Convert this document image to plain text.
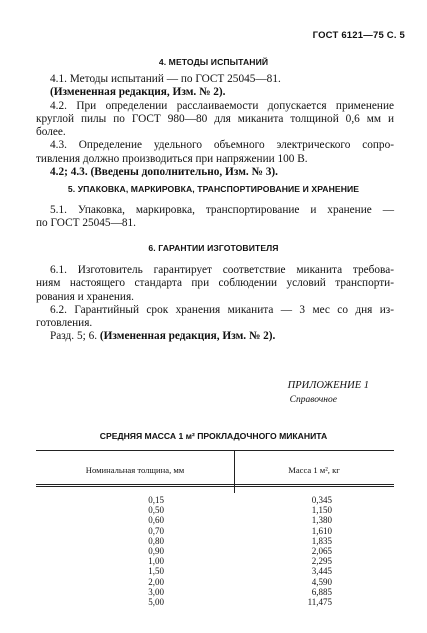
ГОСТ 6121—75 С. 5
4. МЕТОДЫ ИСПЫТАНИЙ

4.1. Методы испытаний — по ГОСТ 25045—81.

(Измененная редакция, Изм. № 2).

4.2. При определении расслаиваемости допускается применение

круглой пилы по ГОСТ 980—80 для миканита толщиной 0,6 мм и

более.

4.3. Определение удельного объемного электрического сопро-

тивления должно производиться при напряжении 100 В.

4.2; 4.3. (Введены дополнительно, Изм. № 3).

5. УПАКОВКА, МАРКИРОВКА, ТРАНСПОРТИРОВАНИЕ И ХРАНЕНИЕ

5.1. Упаковка, маркировка, транспортирование и хранение —

по ГОСТ 25045—81.

6. ГАРАНТИИ ИЗГОТОВИТЕЛЯ

6.1. Изготовитель гарантирует соответствие миканита требова-

ниям настоящего стандарта при соблюдении условий транспорти-

рования и хранения.

6.2. Гарантийный срок хранения миканита — 3 мес со дня из-

готовления.

Разд. 5; 6. (Измененная редакция, Изм. № 2).

ПРИЛОЖЕНИЕ 1
Справочное
СРЕДНЯЯ МАССА 1 м² ПРОКЛАДОЧНОГО МИКАНИТА
Номинальная толщина, мм	Масса 1 м², кг
0,15
0,50
0,60
0,70
0,80
0,90
1,00
1,50
2,00
3,00
5,00
0,345
1,150
1,380
1,610
1,835
2,065
2,295
3,445
4,590
6,885
11,475
